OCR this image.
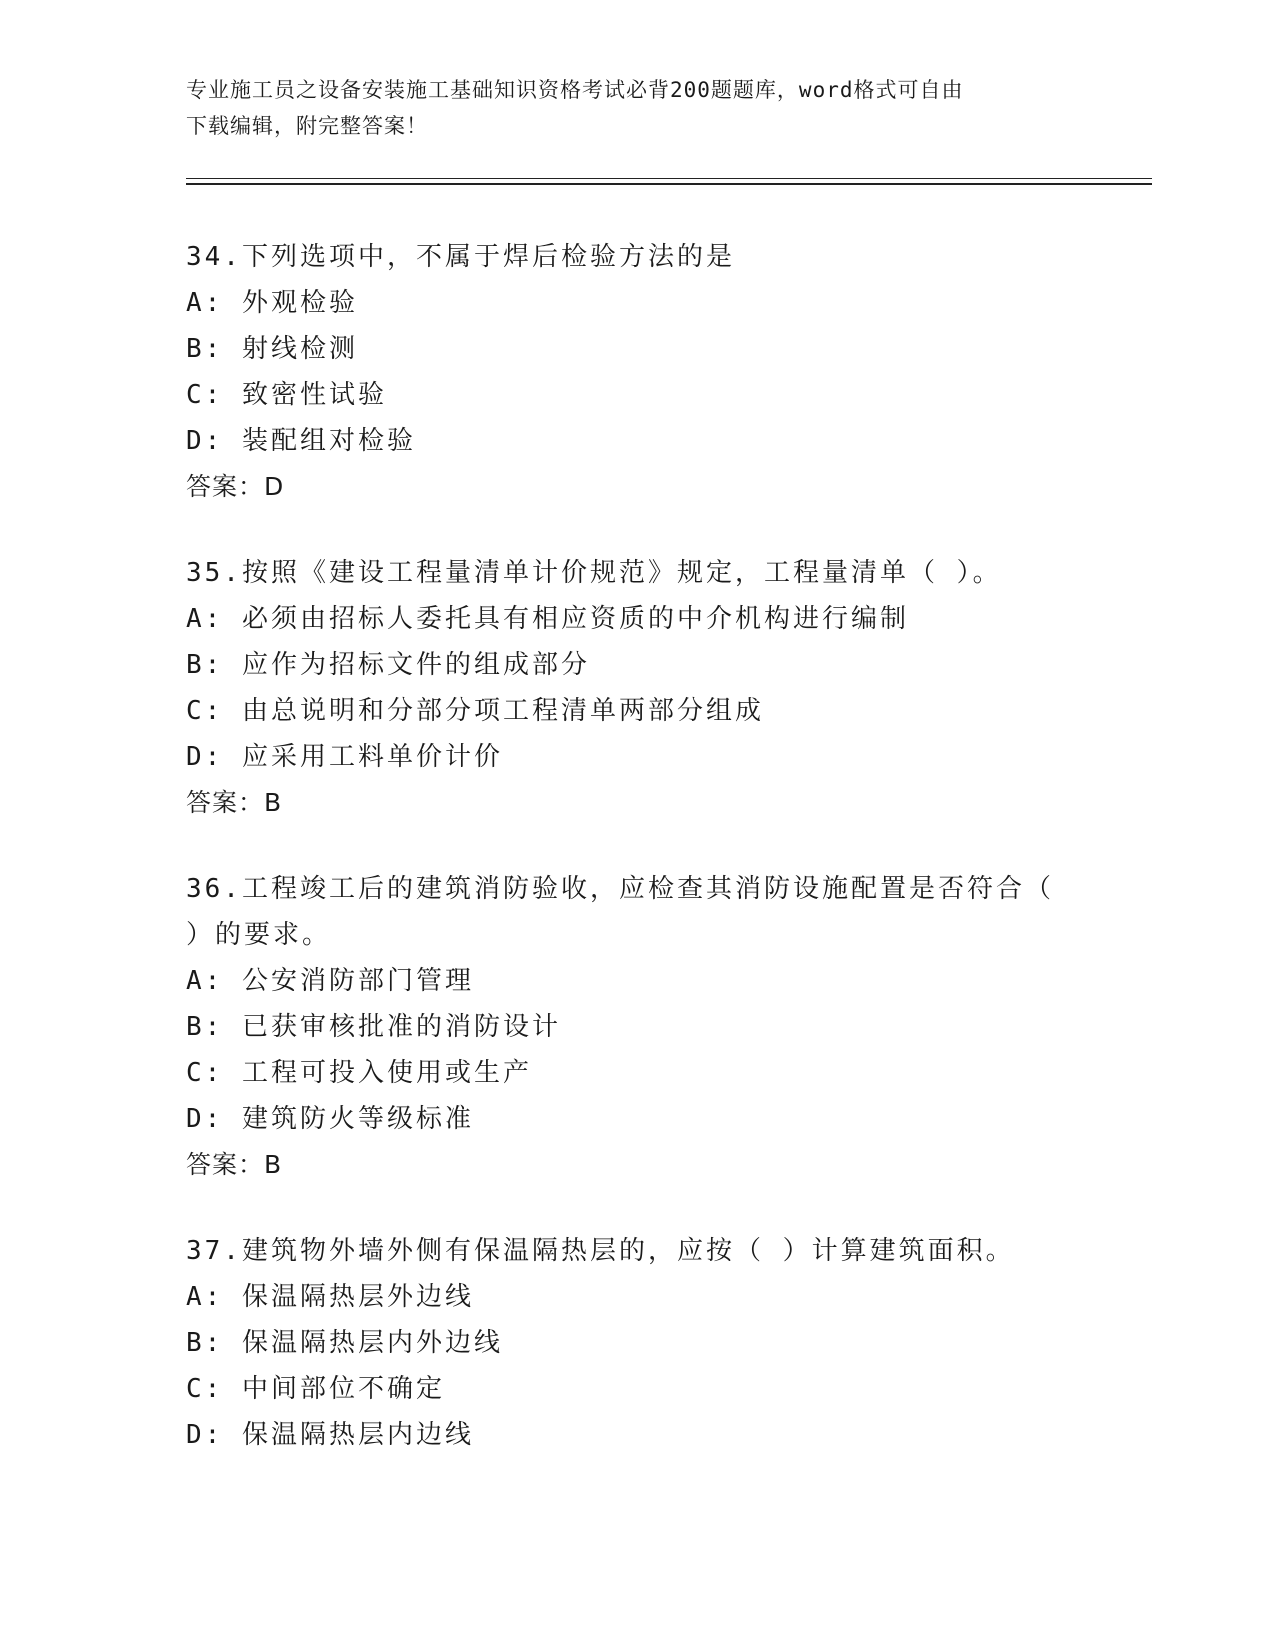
专业施工员之设备安装施工基础知识资格考试必背200题题库，word格式可自由
下载编辑，附完整答案！
34.下列选项中，不属于焊后检验方法的是
A: 外观检验
B: 射线检测
C: 致密性试验
D: 装配组对检验
答案：D
35.按照《建设工程量清单计价规范》规定，工程量清单（ ）。
A: 必须由招标人委托具有相应资质的中介机构进行编制
B: 应作为招标文件的组成部分
C: 由总说明和分部分项工程清单两部分组成
D: 应采用工料单价计价
答案：B
36.工程竣工后的建筑消防验收，应检查其消防设施配置是否符合（
）的要求。
A: 公安消防部门管理
B: 已获审核批准的消防设计
C: 工程可投入使用或生产
D: 建筑防火等级标准
答案：B
37.建筑物外墙外侧有保温隔热层的，应按（ ）计算建筑面积。
A: 保温隔热层外边线
B: 保温隔热层内外边线
C: 中间部位不确定
D: 保温隔热层内边线
